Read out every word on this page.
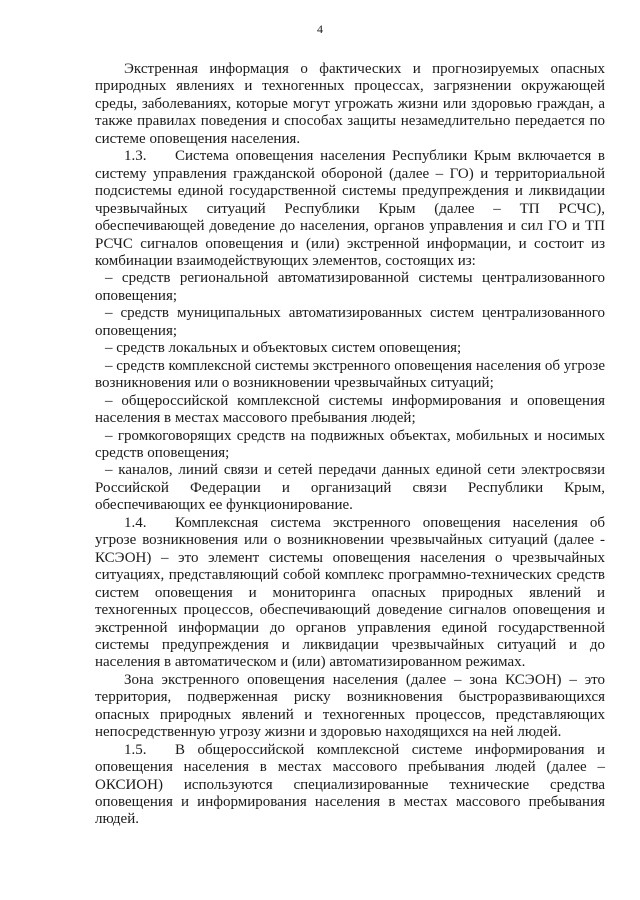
4

Экстренная информация о фактических и прогнозируемых опасных природных явлениях и техногенных процессах, загрязнении окружающей среды, заболеваниях, которые могут угрожать жизни или здоровью граждан, а также правилах поведения и способах защиты незамедлительно передается по системе оповещения населения.

1.3. Система оповещения населения Республики Крым включается в систему управления гражданской обороной (далее – ГО) и территориальной подсистемы единой государственной системы предупреждения и ликвидации чрезвычайных ситуаций Республики Крым (далее – ТП РСЧС), обеспечивающей доведение до населения, органов управления и сил ГО и ТП РСЧС сигналов оповещения и (или) экстренной информации, и состоит из комбинации взаимодействующих элементов, состоящих из:

– средств региональной автоматизированной системы централизованного оповещения;

– средств муниципальных автоматизированных систем централизованного оповещения;

– средств локальных и объектовых систем оповещения;

– средств комплексной системы экстренного оповещения населения об угрозе возникновения или о возникновении чрезвычайных ситуаций;

– общероссийской комплексной системы информирования и оповещения населения в местах массового пребывания людей;

– громкоговорящих средств на подвижных объектах, мобильных и носимых средств оповещения;

– каналов, линий связи и сетей передачи данных единой сети электросвязи Российской Федерации и организаций связи Республики Крым, обеспечивающих ее функционирование.

1.4. Комплексная система экстренного оповещения населения об угрозе возникновения или о возникновении чрезвычайных ситуаций (далее - КСЭОН) – это элемент системы оповещения населения о чрезвычайных ситуациях, представляющий собой комплекс программно-технических средств систем оповещения и мониторинга опасных природных явлений и техногенных процессов, обеспечивающий доведение сигналов оповещения и экстренной информации до органов управления единой государственной системы предупреждения и ликвидации чрезвычайных ситуаций и до населения в автоматическом и (или) автоматизированном режимах.

Зона экстренного оповещения населения (далее – зона КСЭОН) – это территория, подверженная риску возникновения быстроразвивающихся опасных природных явлений и техногенных процессов, представляющих непосредственную угрозу жизни и здоровью находящихся на ней людей.

1.5. В общероссийской комплексной системе информирования и оповещения населения в местах массового пребывания людей (далее – ОКСИОН) используются специализированные технические средства оповещения и информирования населения в местах массового пребывания людей.
